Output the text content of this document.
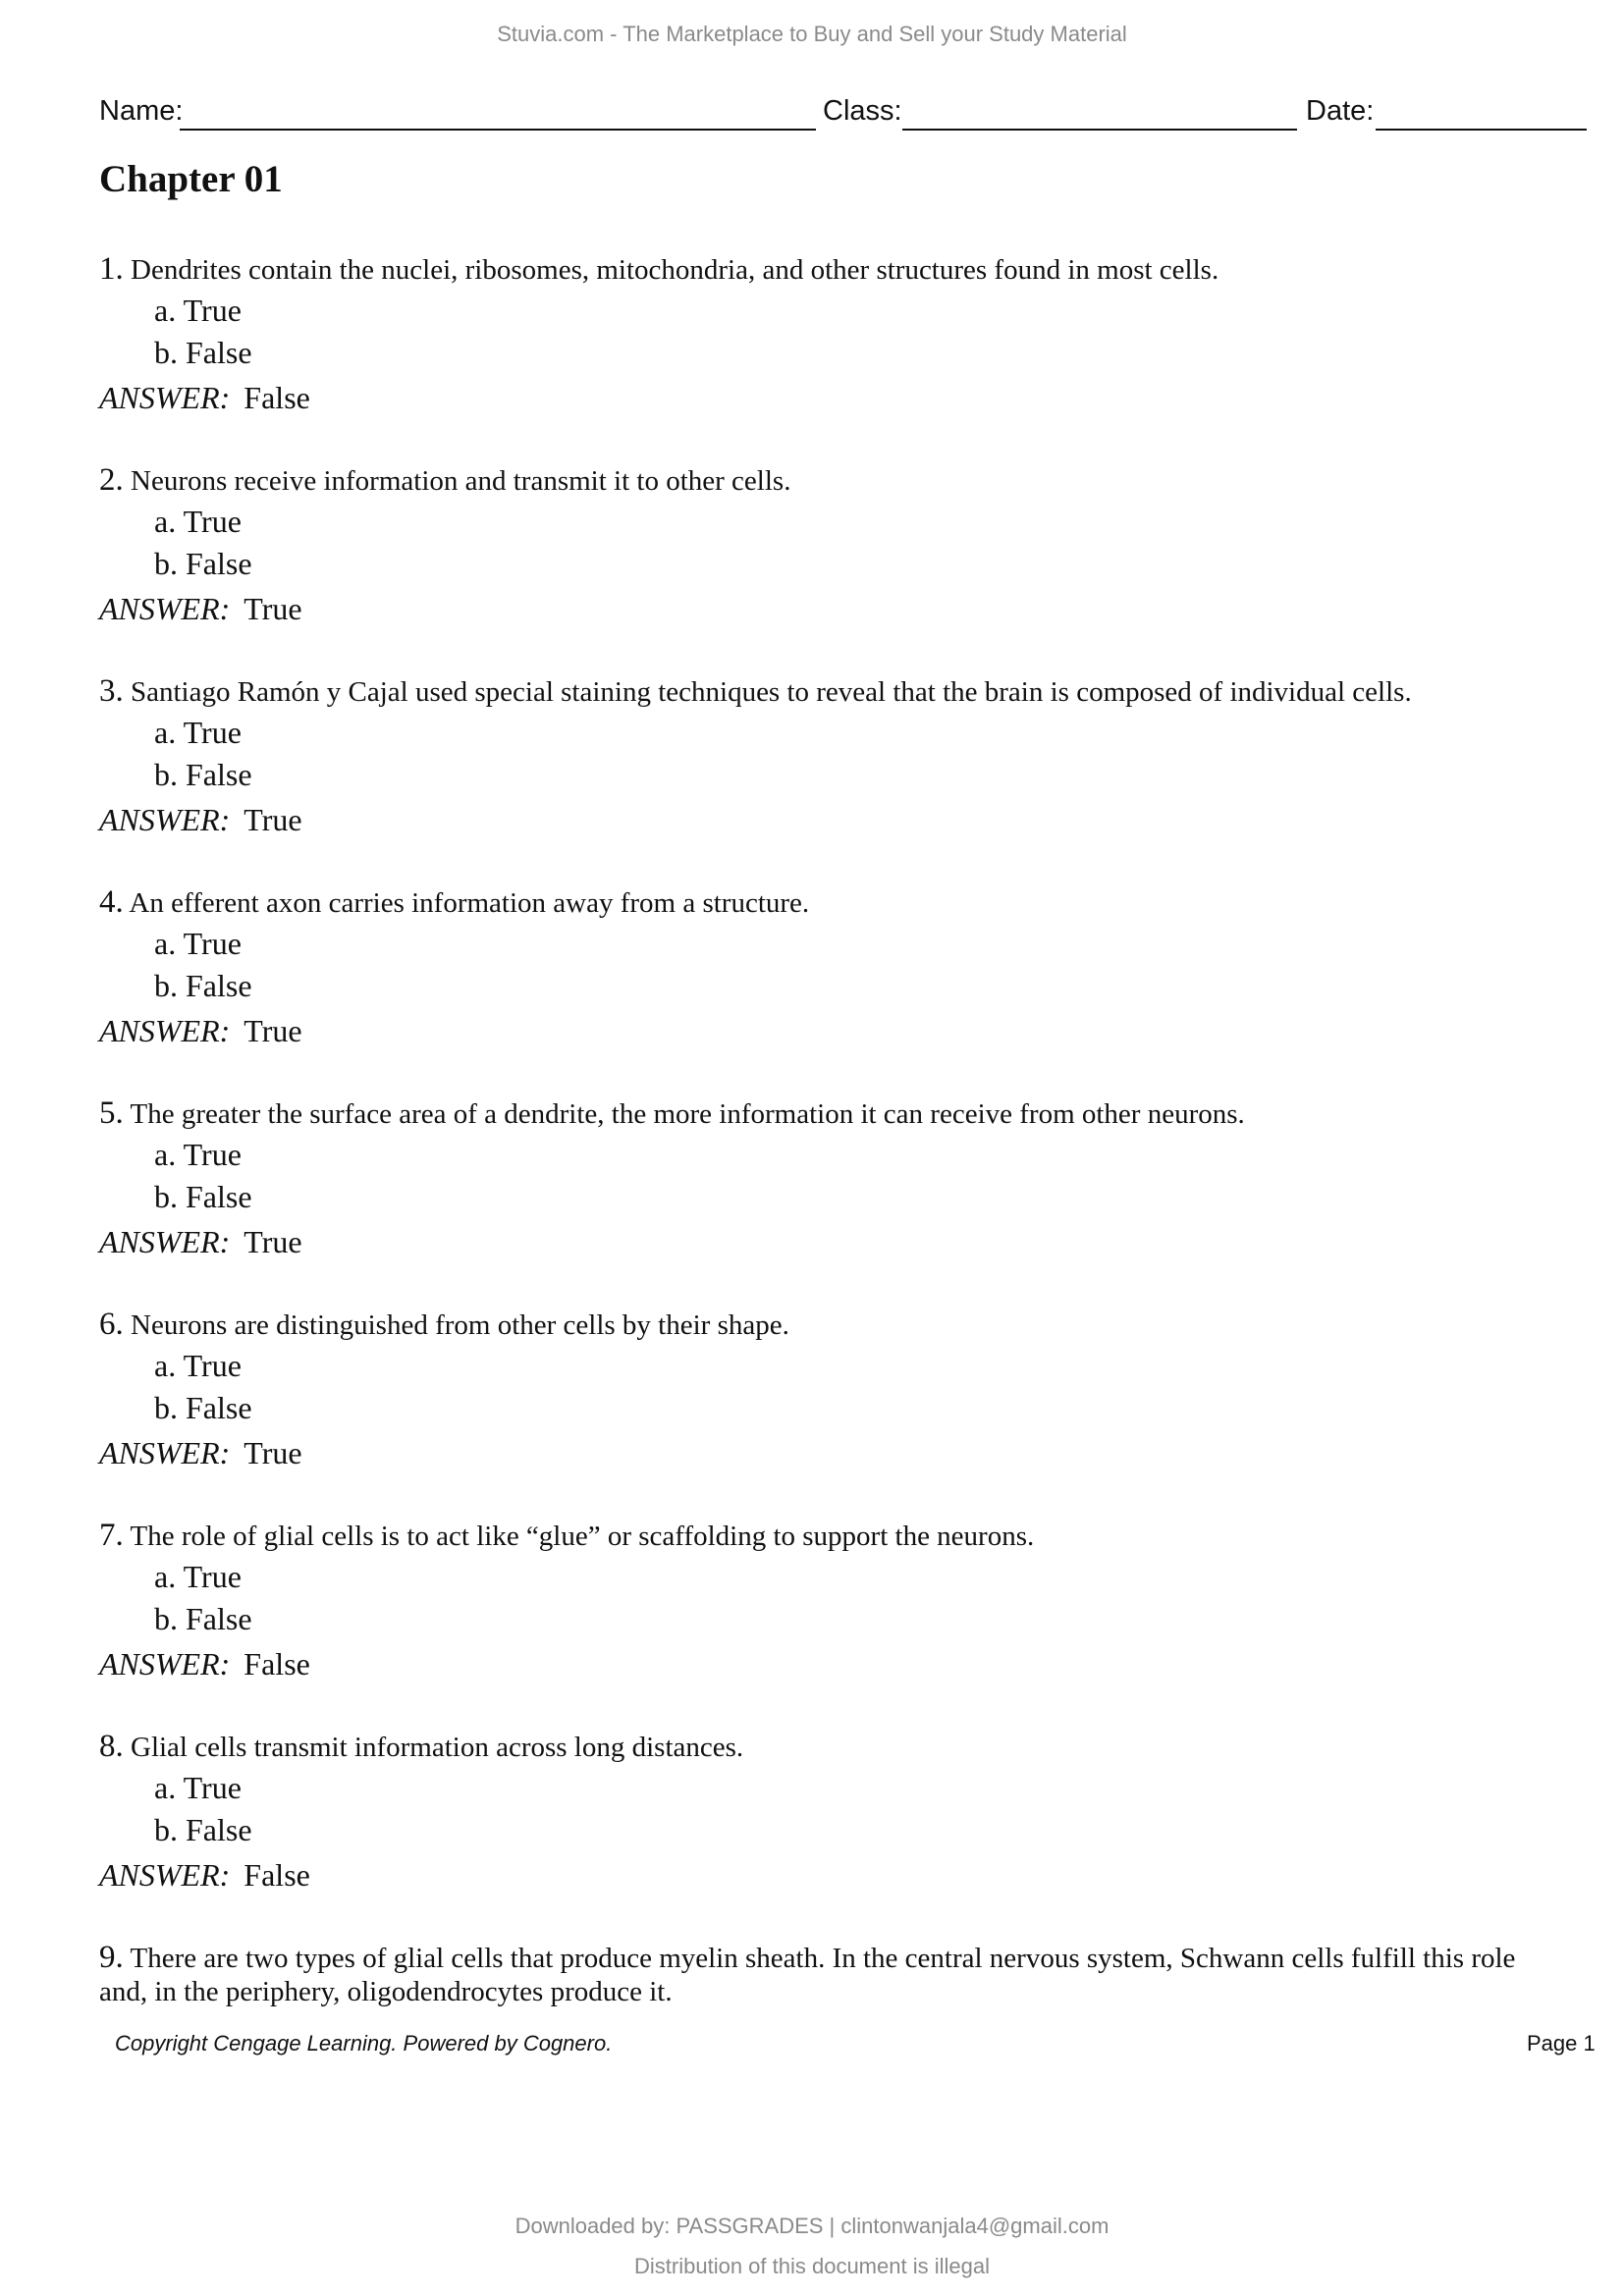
Stuvia.com - The Marketplace to Buy and Sell your Study Material
Name:	Class:	Date:
Chapter 01
1. Dendrites contain the nuclei, ribosomes, mitochondria, and other structures found in most cells.
a. True
b. False
ANSWER: False
2. Neurons receive information and transmit it to other cells.
a. True
b. False
ANSWER: True
3. Santiago Ramón y Cajal used special staining techniques to reveal that the brain is composed of individual cells.
a. True
b. False
ANSWER: True
4. An efferent axon carries information away from a structure.
a. True
b. False
ANSWER: True
5. The greater the surface area of a dendrite, the more information it can receive from other neurons.
a. True
b. False
ANSWER: True
6. Neurons are distinguished from other cells by their shape.
a. True
b. False
ANSWER: True
7. The role of glial cells is to act like “glue” or scaffolding to support the neurons.
a. True
b. False
ANSWER: False
8. Glial cells transmit information across long distances.
a. True
b. False
ANSWER: False
9. There are two types of glial cells that produce myelin sheath. In the central nervous system, Schwann cells fulfill this role and, in the periphery, oligodendrocytes produce it.
Copyright Cengage Learning. Powered by Cognero.	Page 1
Downloaded by: PASSGRADES | clintonwanjala4@gmail.com
Distribution of this document is illegal
